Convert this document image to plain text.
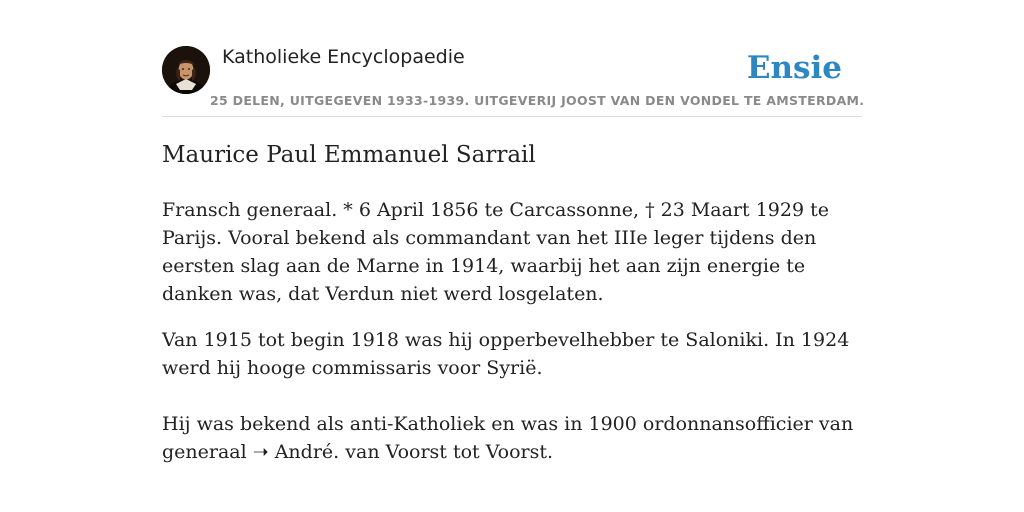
Katholieke Encyclopaedie
25 DELEN, UITGEGEVEN 1933-1939. UITGEVERIJ JOOST VAN DEN VONDEL TE AMSTERDAM.
Ensie
Maurice Paul Emmanuel Sarrail

Fransch generaal. * 6 April 1856 te Carcassonne, † 23 Maart 1929 te Parijs. Vooral bekend als commandant van het IIIe leger tijdens den eersten slag aan de Marne in 1914, waarbij het aan zijn energie te danken was, dat Verdun niet werd losgelaten.

Van 1915 tot begin 1918 was hij opperbevelhebber te Saloniki. In 1924 werd hij hooge commissaris voor Syrië.

Hij was bekend als anti-Katholiek en was in 1900 ordonnansofficier van generaal ➝ André. van Voorst tot Voorst.
